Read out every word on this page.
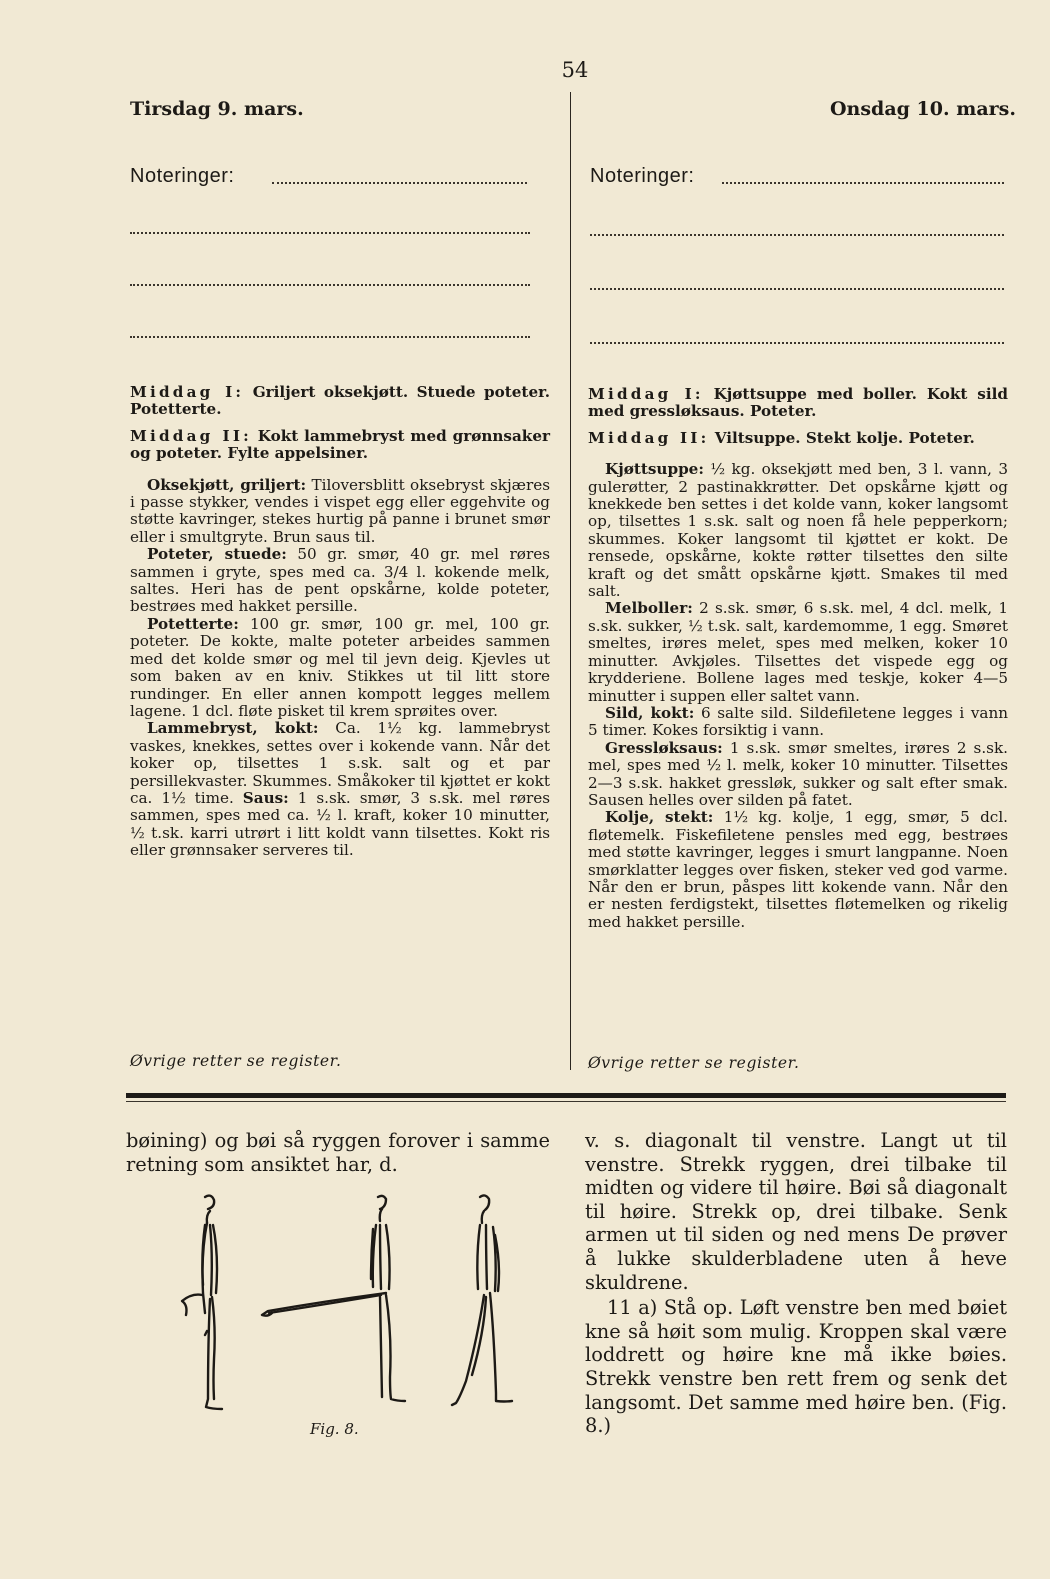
54
Tirsdag 9. mars.	Onsdag 10. mars.
Noteringer:	Noteringer:

Middag I: Griljert oksekjøtt. Stuede poteter. Potetterte.

Middag II: Kokt lammebryst med grønnsaker og poteter. Fylte appelsiner.

Oksekjøtt, griljert: Tiloversblitt oksebryst skjæres i passe stykker, vendes i vispet egg eller eggehvite og støtte kavringer, stekes hurtig på panne i brunet smør eller i smultgryte. Brun saus til.

Poteter, stuede: 50 gr. smør, 40 gr. mel røres sammen i gryte, spes med ca. 3/4 l. kokende melk, saltes. Heri has de pent opskårne, kolde poteter, bestrøes med hakket persille.

Potetterte: 100 gr. smør, 100 gr. mel, 100 gr. poteter. De kokte, malte poteter arbeides sammen med det kolde smør og mel til jevn deig. Kjevles ut som baken av en kniv. Stikkes ut til litt store rundinger. En eller annen kompott legges mellem lagene. 1 dcl. fløte pisket til krem sprøites over.

Lammebryst, kokt: Ca. 1½ kg. lammebryst vaskes, knekkes, settes over i kokende vann. Når det koker op, tilsettes 1 s.sk. salt og et par persillekvaster. Skummes. Småkoker til kjøttet er kokt ca. 1½ time. Saus: 1 s.sk. smør, 3 s.sk. mel røres sammen, spes med ca. ½ l. kraft, koker 10 minutter, ½ t.sk. karri utrørt i litt koldt vann tilsettes. Kokt ris eller grønnsaker serveres til.

Øvrige retter se register.

Middag I: Kjøttsuppe med boller. Kokt sild med gressløksaus. Poteter.

Middag II: Viltsuppe. Stekt kolje. Poteter.

Kjøttsuppe: ½ kg. oksekjøtt med ben, 3 l. vann, 3 gulerøtter, 2 pastinakkrøtter. Det opskårne kjøtt og knekkede ben settes i det kolde vann, koker langsomt op, tilsettes 1 s.sk. salt og noen få hele pepperkorn; skummes. Koker langsomt til kjøttet er kokt. De rensede, opskårne, kokte røtter tilsettes den silte kraft og det smått opskårne kjøtt. Smakes til med salt.

Melboller: 2 s.sk. smør, 6 s.sk. mel, 4 dcl. melk, 1 s.sk. sukker, ½ t.sk. salt, kardemomme, 1 egg. Smøret smeltes, irøres melet, spes med melken, koker 10 minutter. Avkjøles. Tilsettes det vispede egg og krydderiene. Bollene lages med teskje, koker 4—5 minutter i suppen eller saltet vann.

Sild, kokt: 6 salte sild. Sildefiletene legges i vann 5 timer. Kokes forsiktig i vann.

Gressløksaus: 1 s.sk. smør smeltes, irøres 2 s.sk. mel, spes med ½ l. melk, koker 10 minutter. Tilsettes 2—3 s.sk. hakket gressløk, sukker og salt efter smak. Sausen helles over silden på fatet.

Kolje, stekt: 1½ kg. kolje, 1 egg, smør, 5 dcl. fløtemelk. Fiskefiletene pensles med egg, bestrøes med støtte kavringer, legges i smurt langpanne. Noen smørklatter legges over fisken, steker ved god varme. Når den er brun, påspes litt kokende vann. Når den er nesten ferdigstekt, tilsettes fløtemelken og rikelig med hakket persille.

Øvrige retter se register.

bøining) og bøi så ryggen forover i samme retning som ansiktet har, d.

Fig. 8.

v. s. diagonalt til venstre. Langt ut til venstre. Strekk ryggen, drei tilbake til midten og videre til høire. Bøi så diagonalt til høire. Strekk op, drei tilbake. Senk armen ut til siden og ned mens De prøver å lukke skulderbladene uten å heve skuldrene.

11 a) Stå op. Løft venstre ben med bøiet kne så høit som mulig. Kroppen skal være loddrett og høire kne må ikke bøies. Strekk venstre ben rett frem og senk det langsomt. Det samme med høire ben. (Fig. 8.)
